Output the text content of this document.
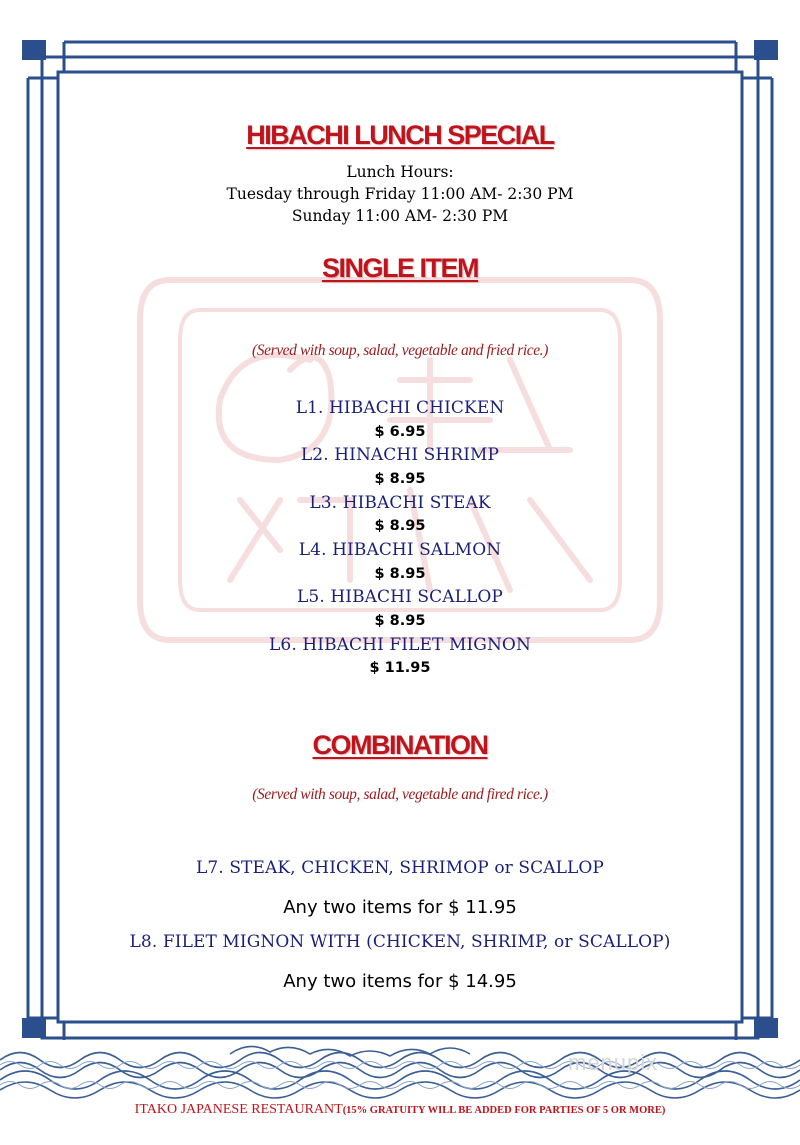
HIBACHI LUNCH SPECIAL
Lunch Hours:
Tuesday through Friday 11:00 AM- 2:30 PM
Sunday 11:00 AM- 2:30 PM
SINGLE ITEM
(Served with soup, salad, vegetable and fried rice.)
L1. HIBACHI CHICKEN
$ 6.95
L2. HINACHI SHRIMP
$ 8.95
L3. HIBACHI STEAK
$ 8.95
L4. HIBACHI SALMON
$ 8.95
L5. HIBACHI SCALLOP
$ 8.95
L6. HIBACHI FILET MIGNON
$ 11.95
COMBINATION
(Served with soup, salad, vegetable and fired rice.)
L7. STEAK, CHICKEN, SHRIMOP or SCALLOP
Any two items for $ 11.95
L8. FILET MIGNON WITH (CHICKEN, SHRIMP, or SCALLOP)
Any two items for $ 14.95
menupix
ITAKO JAPANESE RESTAURANT(15% GRATUITY WILL BE ADDED FOR PARTIES OF 5 OR MORE)
